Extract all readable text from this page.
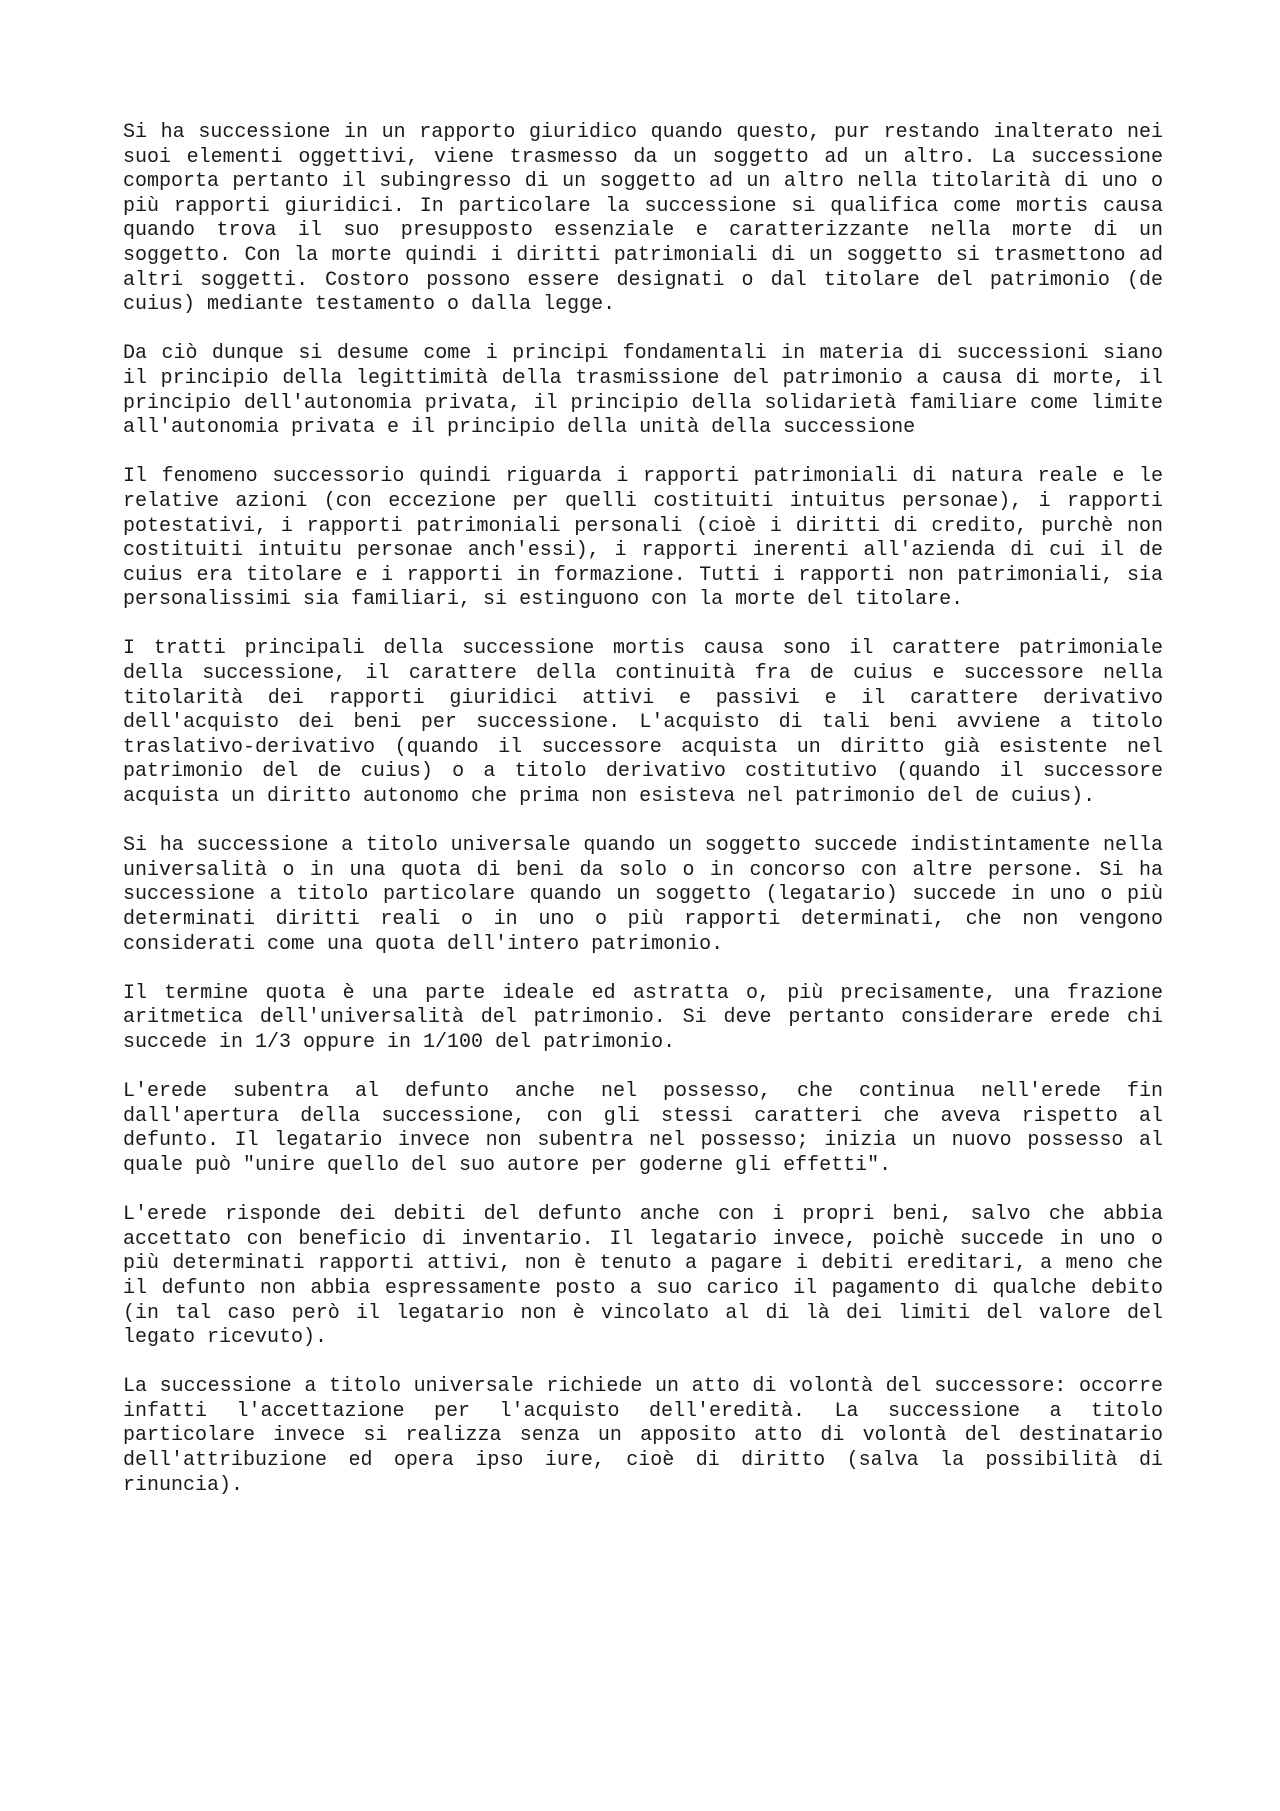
Si ha successione in un rapporto giuridico quando questo, pur restando inalterato nei suoi elementi oggettivi, viene trasmesso da un soggetto ad un altro. La successione comporta pertanto il subingresso di un soggetto ad un altro nella titolarità di uno o più rapporti giuridici. In particolare la successione si qualifica come mortis causa quando trova il suo presupposto essenziale e caratterizzante nella morte di un soggetto. Con la morte quindi i diritti patrimoniali di un soggetto si trasmettono ad altri soggetti. Costoro possono essere designati o dal titolare del patrimonio (de cuius) mediante testamento o dalla legge.

Da ciò dunque si desume come i principi fondamentali in materia di successioni siano il principio della legittimità della trasmissione del patrimonio a causa di morte, il principio dell'autonomia privata, il principio della solidarietà familiare come limite all'autonomia privata e il principio della unità della successione

Il fenomeno successorio quindi riguarda i rapporti patrimoniali di natura reale e le relative azioni (con eccezione per quelli costituiti intuitus personae), i rapporti potestativi, i rapporti patrimoniali personali (cioè i diritti di credito, purchè non costituiti intuitu personae anch'essi), i rapporti inerenti all'azienda di cui il de cuius era titolare e i rapporti in formazione. Tutti i rapporti non patrimoniali, sia personalissimi sia familiari, si estinguono con la morte del titolare.

I tratti principali della successione mortis causa sono il carattere patrimoniale della successione, il carattere della continuità fra de cuius e successore nella titolarità dei rapporti giuridici attivi e passivi e il carattere derivativo dell'acquisto dei beni per successione. L'acquisto di tali beni avviene a titolo traslativo-derivativo (quando il successore acquista un diritto già esistente nel patrimonio del de cuius) o a titolo derivativo costitutivo (quando il successore acquista un diritto autonomo che prima non esisteva nel patrimonio del de cuius).

Si ha successione a titolo universale quando un soggetto succede indistintamente nella universalità o in una quota di beni da solo o in concorso con altre persone. Si ha successione a titolo particolare quando un soggetto (legatario) succede in uno o più determinati diritti reali o in uno o più rapporti determinati, che non vengono considerati come una quota dell'intero patrimonio.

Il termine quota è una parte ideale ed astratta o, più precisamente, una frazione aritmetica dell'universalità del patrimonio. Si deve pertanto considerare erede chi succede in 1/3 oppure in 1/100 del patrimonio.

L'erede subentra al defunto anche nel possesso, che continua nell'erede fin dall'apertura della successione, con gli stessi caratteri che aveva rispetto al defunto. Il legatario invece non subentra nel possesso; inizia un nuovo possesso al quale può "unire quello del suo autore per goderne gli effetti".

L'erede risponde dei debiti del defunto anche con i propri beni, salvo che abbia accettato con beneficio di inventario. Il legatario invece, poichè succede in uno o più determinati rapporti attivi, non è tenuto a pagare i debiti ereditari, a meno che il defunto non abbia espressamente posto a suo carico il pagamento di qualche debito (in tal caso però il legatario non è vincolato al di là dei limiti del valore del legato ricevuto).

La successione a titolo universale richiede un atto di volontà del successore: occorre infatti l'accettazione per l'acquisto dell'eredità. La successione a titolo particolare invece si realizza senza un apposito atto di volontà del destinatario dell'attribuzione ed opera ipso iure, cioè di diritto (salva la possibilità di rinuncia).
